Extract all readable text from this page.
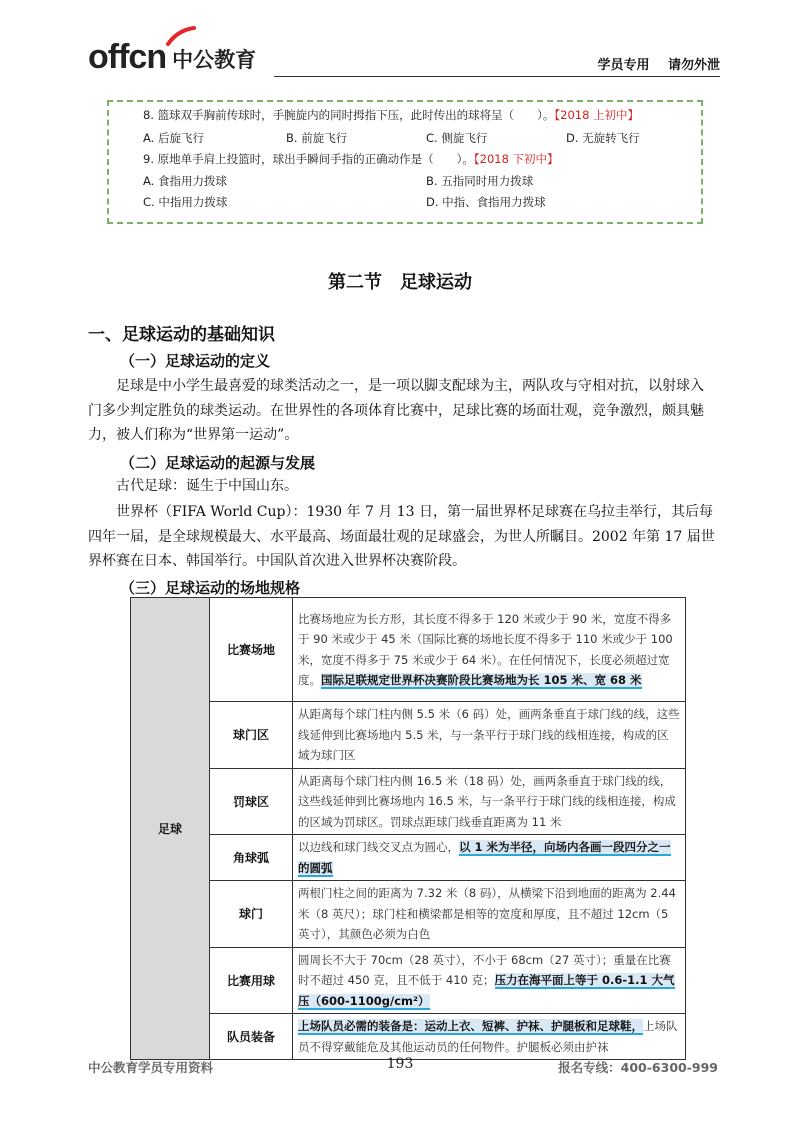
offcn 中公教育	学员专用 请勿外泄
8. 篮球双手胸前传球时，手腕旋内的同时拇指下压，此时传出的球将呈（　　）。【2018 上初中】
A. 后旋飞行	B. 前旋飞行	C. 侧旋飞行	D. 无旋转飞行
9. 原地单手肩上投篮时，球出手瞬间手指的正确动作是（　　）。【2018 下初中】
A. 食指用力拨球	B. 五指同时用力拨球
C. 中指用力拨球	D. 中指、食指用力拨球
第二节　足球运动
一、足球运动的基础知识
（一）足球运动的定义
足球是中小学生最喜爱的球类活动之一，是一项以脚支配球为主，两队攻与守相对抗，以射球入门多少判定胜负的球类运动。在世界性的各项体育比赛中，足球比赛的场面壮观，竞争激烈，颇具魅力，被人们称为“世界第一运动”。
（二）足球运动的起源与发展
古代足球：诞生于中国山东。
世界杯（FIFA World Cup）：1930 年 7 月 13 日，第一届世界杯足球赛在乌拉圭举行，其后每四年一届，是全球规模最大、水平最高、场面最壮观的足球盛会，为世人所瞩目。2002 年第 17 届世界杯赛在日本、韩国举行。中国队首次进入世界杯决赛阶段。
（三）足球运动的场地规格
足球	比赛场地	比赛场地应为长方形，其长度不得多于 120 米或少于 90 米，宽度不得多于 90 米或少于 45 米（国际比赛的场地长度不得多于 110 米或少于 100 米，宽度不得多于 75 米或少于 64 米）。在任何情况下，长度必须超过宽度。国际足联规定世界杯决赛阶段比赛场地为长 105 米、宽 68 米
	球门区	从距离每个球门柱内侧 5.5 米（6 码）处，画两条垂直于球门线的线，这些线延伸到比赛场地内 5.5 米，与一条平行于球门线的线相连接，构成的区域为球门区
	罚球区	从距离每个球门柱内侧 16.5 米（18 码）处，画两条垂直于球门线的线，这些线延伸到比赛场地内 16.5 米，与一条平行于球门线的线相连接，构成的区域为罚球区。罚球点距球门线垂直距离为 11 米
	角球弧	以边线和球门线交叉点为圆心，以 1 米为半径，向场内各画一段四分之一的圆弧
	球门	两根门柱之间的距离为 7.32 米（8 码），从横梁下沿到地面的距离为 2.44 米（8 英尺）；球门柱和横梁都是相等的宽度和厚度，且不超过 12cm（5 英寸），其颜色必须为白色
	比赛用球	圆周长不大于 70cm（28 英寸），不小于 68cm（27 英寸）；重量在比赛时不超过 450 克，且不低于 410 克；压力在海平面上等于 0.6-1.1 大气压（600-1100g/cm²）
	队员装备	上场队员必需的装备是：运动上衣、短裤、护袜、护腿板和足球鞋，上场队员不得穿戴能危及其他运动员的任何物件。护腿板必须由护袜
中公教育学员专用资料	193	报名专线：400-6300-999
